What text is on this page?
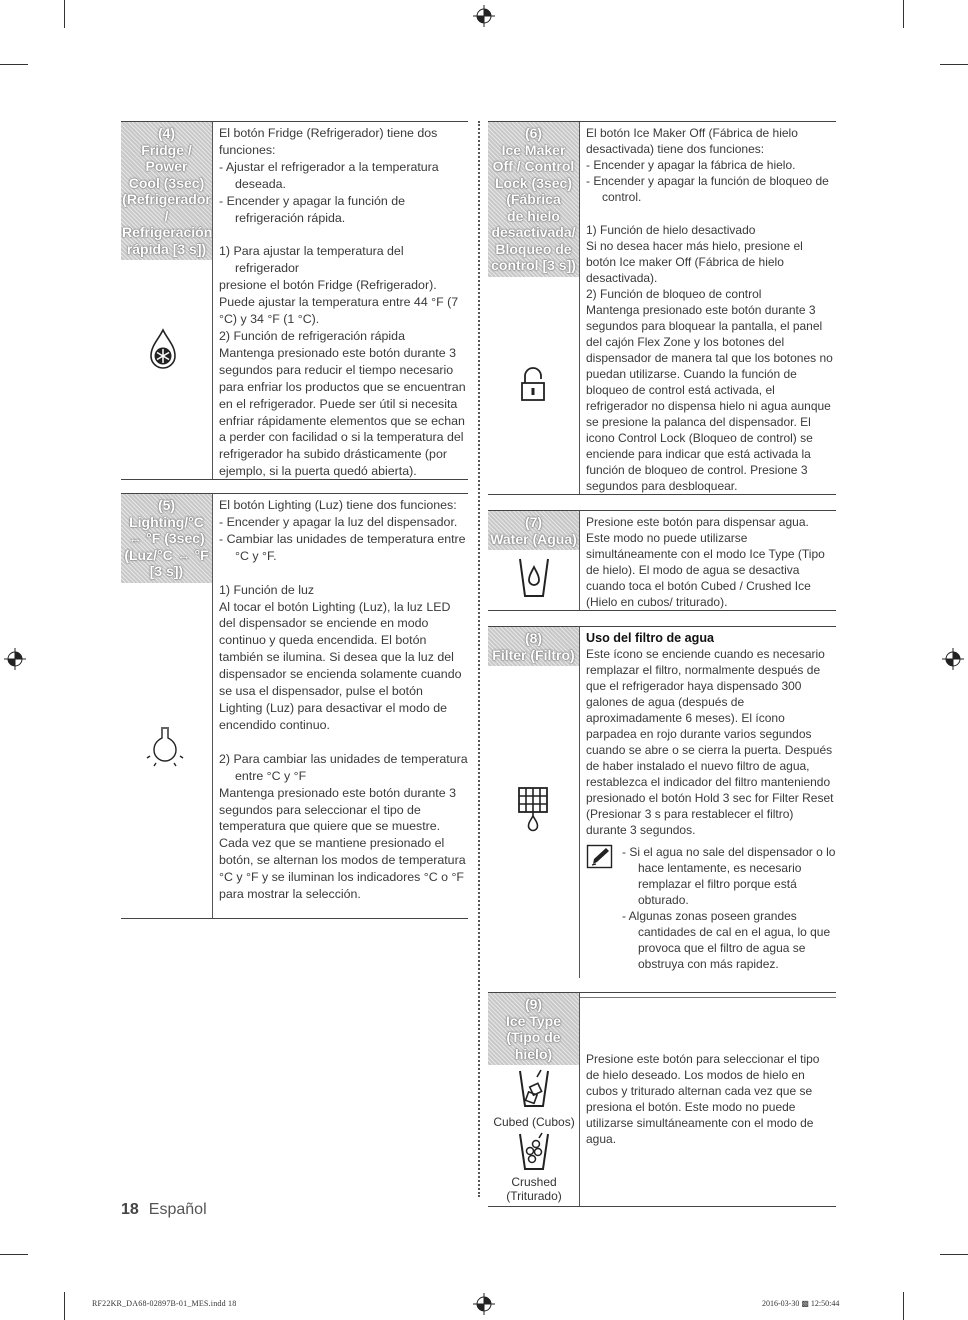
(4)
Fridge / Power
Cool (3sec)
(Refrigerador /
Refrigeración
rápida [3 s])

El botón Fridge (Refrigerador) tiene dos funciones:

- Ajustar el refrigerador a la temperatura deseada.

- Encender y apagar la función de refrigeración rápida.

1) Para ajustar la temperatura del refrigerador

presione el botón Fridge (Refrigerador). Puede ajustar la temperatura entre 44 °F (7 °C) y 34 °F (1 °C).

2) Función de refrigeración rápida

Mantenga presionado este botón durante 3 segundos para reducir el tiempo necesario para enfriar los productos que se encuentran en el refrigerador. Puede ser útil si necesita enfriar rápidamente elementos que se echan a perder con facilidad o si la temperatura del refrigerador ha subido drásticamente (por ejemplo, si la puerta quedó abierta).

(5)
Lighting/°C
↔ °F (3sec)
(Luz/°C ↔ °F
[3 s])

El botón Lighting (Luz) tiene dos funciones:

- Encender y apagar la luz del dispensador.

- Cambiar las unidades de temperatura entre °C y °F.

1) Función de luz

Al tocar el botón Lighting (Luz), la luz LED del dispensador se enciende en modo continuo y queda encendida. El botón también se ilumina. Si desea que la luz del dispensador se encienda solamente cuando se usa el dispensador, pulse el botón Lighting (Luz) para desactivar el modo de encendido continuo.

2) Para cambiar las unidades de temperatura entre °C y °F

Mantenga presionado este botón durante 3 segundos para seleccionar el tipo de temperatura que quiere que se muestre. Cada vez que se mantiene presionado el botón, se alternan los modos de temperatura °C y °F y se iluminan los indicadores °C o °F para mostrar la selección.

(6)
Ice Maker
Off / Control
Lock (3sec)
(Fábrica
de hielo
desactivada/
Bloqueo de
control [3 s])

El botón Ice Maker Off (Fábrica de hielo desactivada) tiene dos funciones:

- Encender y apagar la fábrica de hielo.

- Encender y apagar la función de bloqueo de control.

1) Función de hielo desactivado

Si no desea hacer más hielo, presione el botón Ice maker Off (Fábrica de hielo desactivada).

2) Función de bloqueo de control

Mantenga presionado este botón durante 3 segundos para bloquear la pantalla, el panel del cajón Flex Zone y los botones del dispensador de manera tal que los botones no puedan utilizarse. Cuando la función de bloqueo de control está activada, el refrigerador no dispensa hielo ni agua aunque se presione la palanca del dispensador. El icono Control Lock (Bloqueo de control) se enciende para indicar que está activada la función de bloqueo de control. Presione 3 segundos para desbloquear.

(7)
Water (Agua)

Presione este botón para dispensar agua. Este modo no puede utilizarse simultáneamente con el modo Ice Type (Tipo de hielo). El modo de agua se desactiva cuando toca el botón Cubed / Crushed Ice (Hielo en cubos/ triturado).

(8)
Filter (Filtro)

Uso del filtro de agua

Este ícono se enciende cuando es necesario remplazar el filtro, normalmente después de que el refrigerador haya dispensado 300 galones de agua (después de aproximadamente 6 meses). El ícono parpadea en rojo durante varios segundos cuando se abre o se cierra la puerta. Después de haber instalado el nuevo filtro de agua, restablezca el indicador del filtro manteniendo presionado el botón Hold 3 sec for Filter Reset (Presionar 3 s para restablecer el filtro) durante 3 segundos.

- Si el agua no sale del dispensador o lo hace lentamente, es necesario remplazar el filtro porque está obturado.

- Algunas zonas poseen grandes cantidades de cal en el agua, lo que provoca que el filtro de agua se obstruya con más rapidez.

(9)
Ice Type
(Tipo de hielo)
Cubed (Cubos)
Crushed
(Triturado)

Presione este botón para seleccionar el tipo de hielo deseado. Los modos de hielo en cubos y triturado alternan cada vez que se presiona el botón. Este modo no puede utilizarse simultáneamente con el modo de agua.

18 Español
RF22KR_DA68-02897B-01_MES.indd 18	2016-03-30 ▩ 12:50:44
